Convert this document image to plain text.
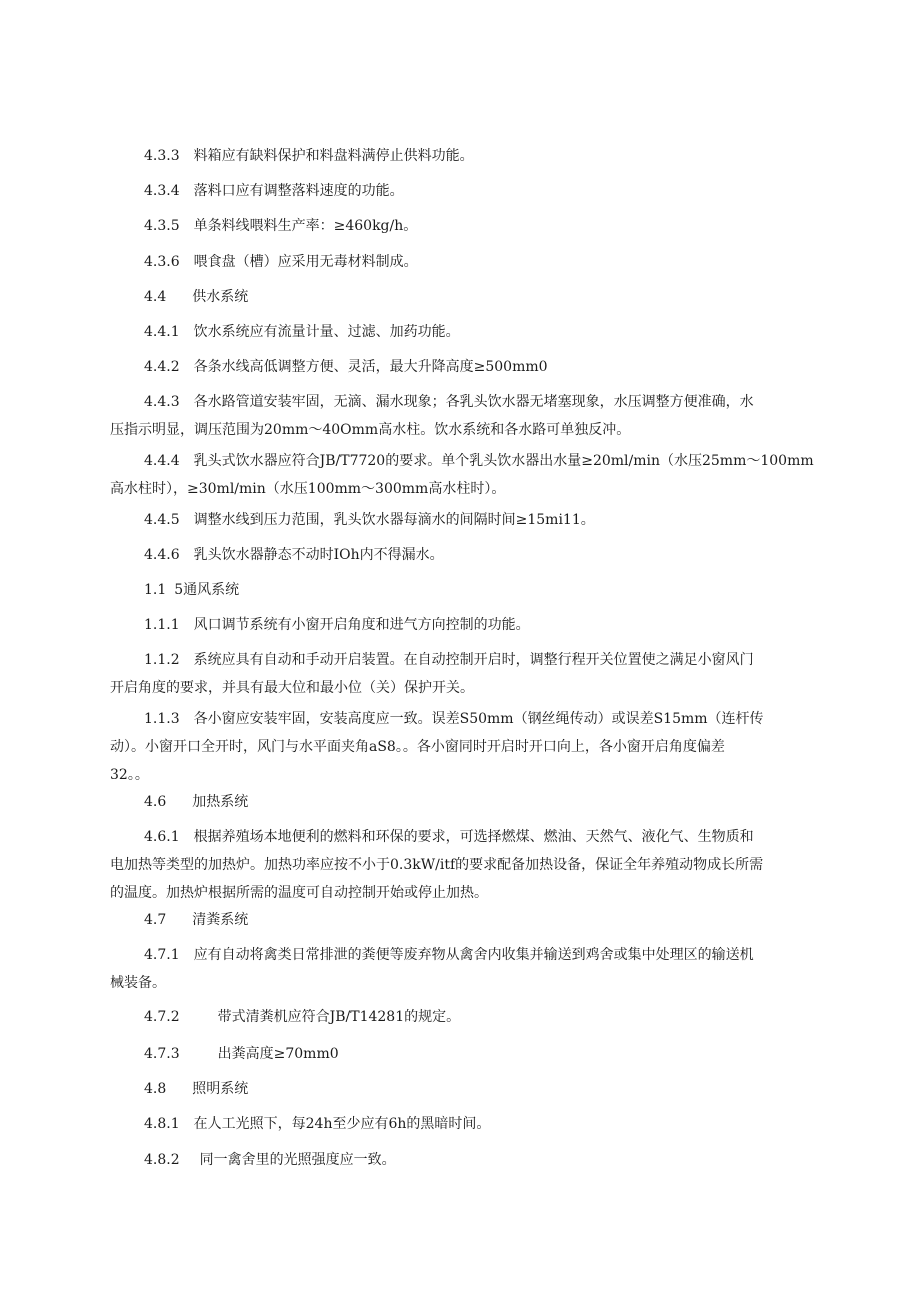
4.3.3 料箱应有缺料保护和料盘料满停止供料功能。
4.3.4 落料口应有调整落料速度的功能。
4.3.5 单条料线喂料生产率：≥460kg∕h。
4.3.6 喂食盘（槽）应采用无毒材料制成。
4.4 供水系统
4.4.1 饮水系统应有流量计量、过滤、加药功能。
4.4.2 各条水线高低调整方便、灵活，最大升降高度≥500mm0
4.4.3 各水路管道安装牢固，无滴、漏水现象；各乳头饮水器无堵塞现象，水压调整方便准确，水
压指示明显，调压范围为20mm～40Omm高水柱。饮水系统和各水路可单独反冲。
4.4.4 乳头式饮水器应符合JB/T7720的要求。单个乳头饮水器出水量≥20ml∕min（水压25mm～100mm
高水柱时），≥30ml∕min（水压100mm～300mm高水柱时）。
4.4.5 调整水线到压力范围，乳头饮水器每滴水的间隔时间≥15mi11。
4.4.6 乳头饮水器静态不动时IOh内不得漏水。
1.1 5通风系统
1.1.1 风口调节系统有小窗开启角度和进气方向控制的功能。
1.1.2 系统应具有自动和手动开启装置。在自动控制开启时，调整行程开关位置使之满足小窗风门
开启角度的要求，并具有最大位和最小位（关）保护开关。
1.1.3 各小窗应安装牢固，安装高度应一致。误差S50mm（钢丝绳传动）或误差S15mm（连杆传
动）。小窗开口全开时，风门与水平面夹角aS8。。各小窗同时开启时开口向上，各小窗开启角度偏差
32。。
4.6 加热系统
4.6.1 根据养殖场本地便利的燃料和环保的要求，可选择燃煤、燃油、天然气、液化气、生物质和
电加热等类型的加热炉。加热功率应按不小于0.3kW∕itf的要求配备加热设备，保证全年养殖动物成长所需
的温度。加热炉根据所需的温度可自动控制开始或停止加热。
4.7 清粪系统
4.7.1 应有自动将禽类日常排泄的粪便等废弃物从禽舍内收集并输送到鸡舍或集中处理区的输送机
械装备。
4.7.2	带式清粪机应符合JB/T14281的规定。
4.7.3	出粪高度≥70mm0
4.8 照明系统
4.8.1 在人工光照下，每24h至少应有6h的黑暗时间。
4.8.2 同一禽舍里的光照强度应一致。
